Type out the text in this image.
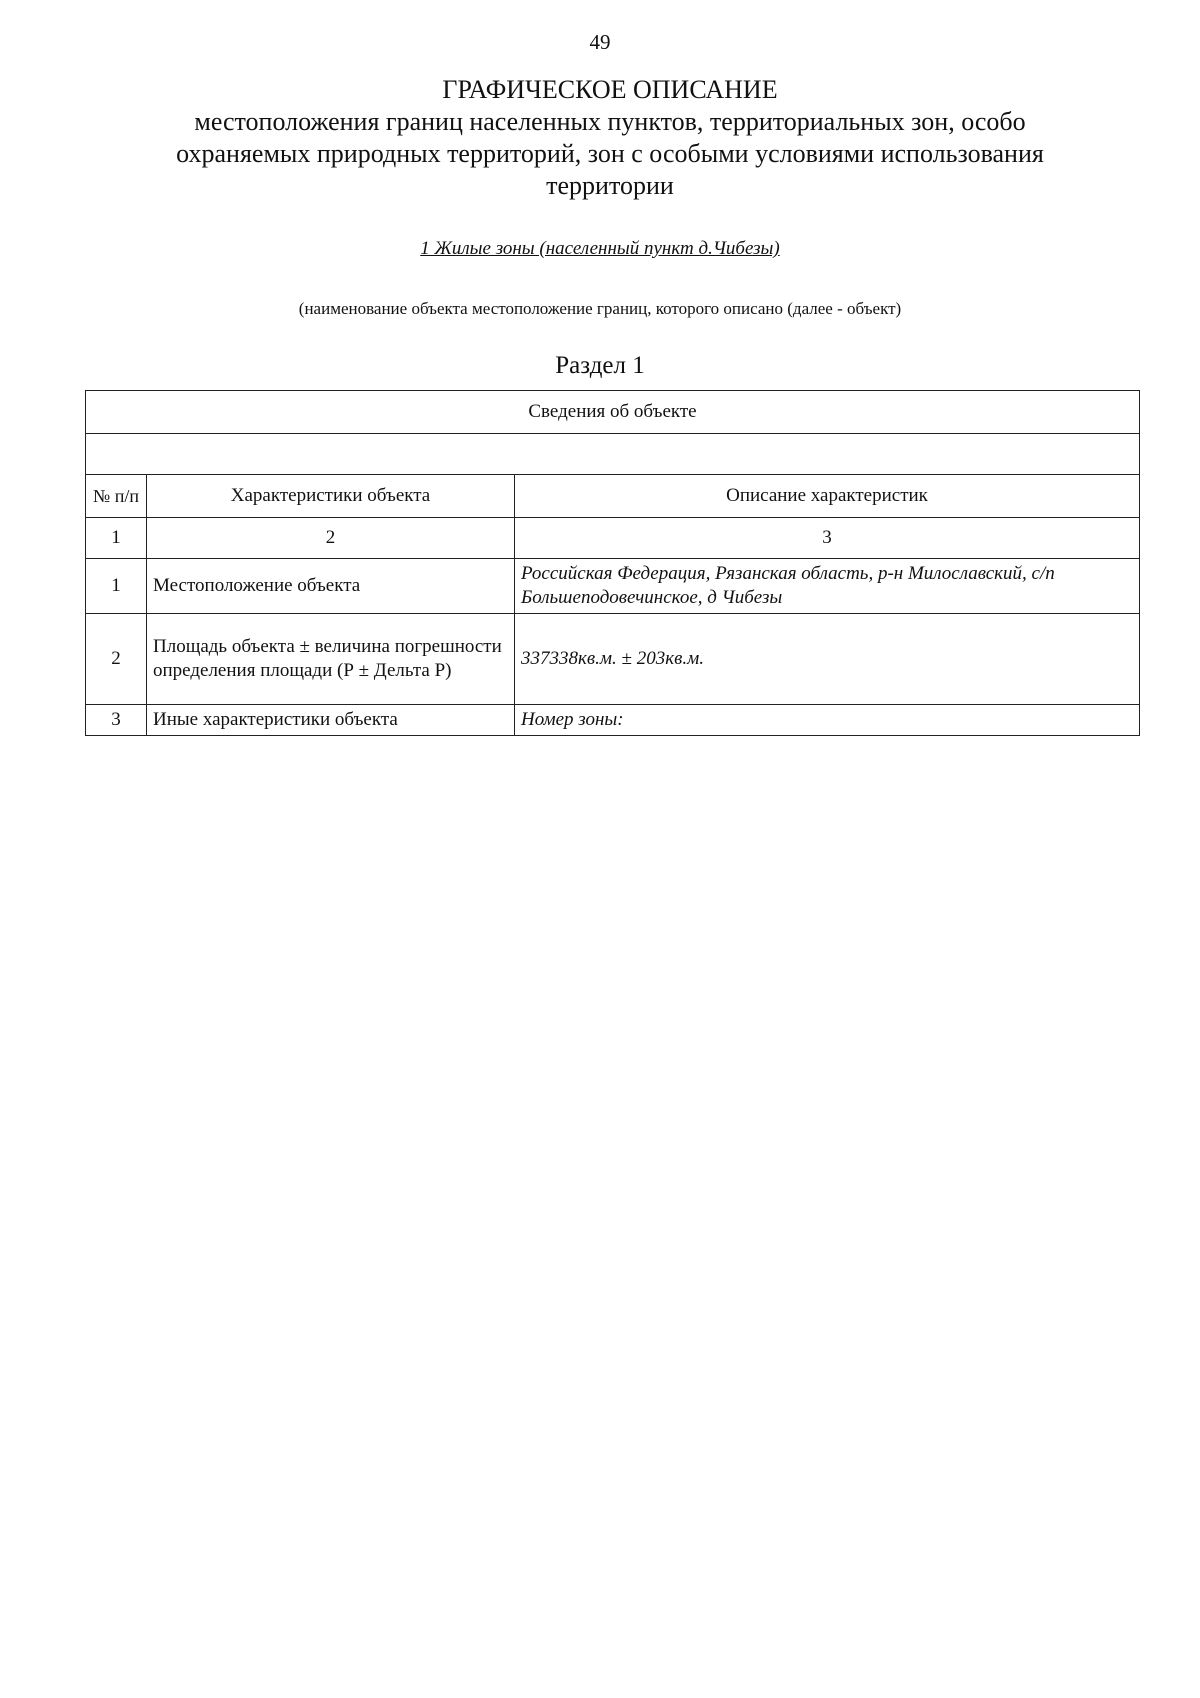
49
ГРАФИЧЕСКОЕ ОПИСАНИЕ
местоположения границ населенных пунктов, территориальных зон, особо охраняемых природных территорий, зон с особыми условиями использования территории
1 Жилые зоны (населенный пункт д.Чибезы)
(наименование объекта местоположение границ, которого описано (далее - объект)
Раздел 1
Сведения об объекте		

№ п/п	Характеристики объекта	Описание характеристик
1	2	3
1	Местоположение объекта	Российская Федерация, Рязанская область, р-н Милославский, с/п Большеподовечинское, д Чибезы
2	Площадь объекта ± величина погрешности определения площади (Р ± Дельта Р)	337338кв.м. ± 203кв.м.
3	Иные характеристики объекта	Номер зоны:
